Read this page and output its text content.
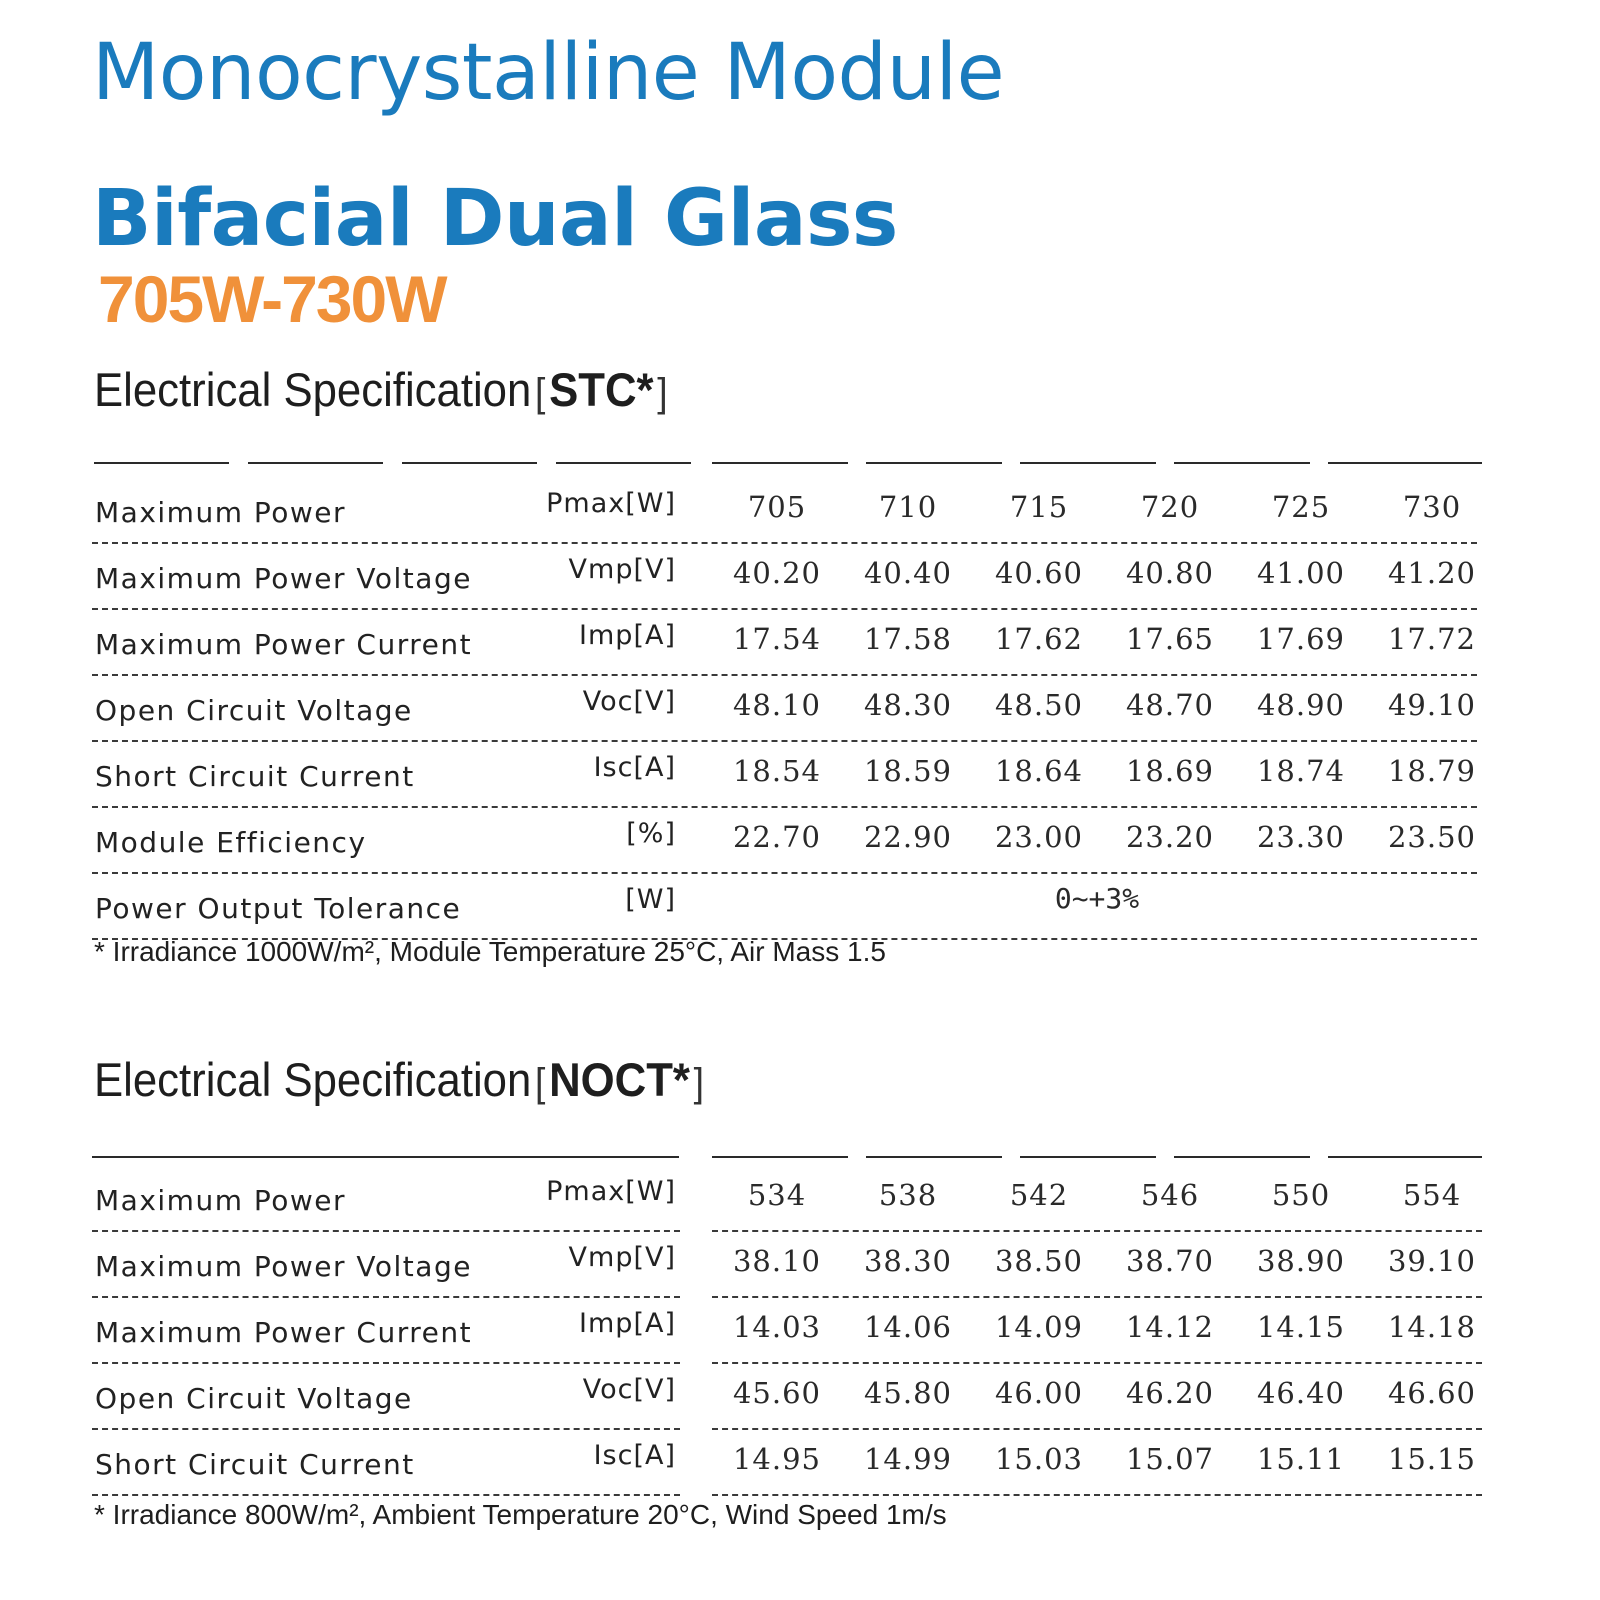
Monocrystalline Module
Bifacial Dual Glass
705W-730W
Electrical Specification[STC*]
Maximum Power	Pmax[W]	705	710	715	720	725	730
Maximum Power Voltage	Vmp[V]	40.20	40.40	40.60	40.80	41.00	41.20
Maximum Power Current	Imp[A]	17.54	17.58	17.62	17.65	17.69	17.72
Open Circuit Voltage	Voc[V]	48.10	48.30	48.50	48.70	48.90	49.10
Short Circuit Current	Isc[A]	18.54	18.59	18.64	18.69	18.74	18.79
Module Efficiency	[%]	22.70	22.90	23.00	23.20	23.30	23.50
Power Output Tolerance	[W]	0~+3%

* Irradiance 1000W/m², Module Temperature 25°C, Air Mass 1.5

Electrical Specification[NOCT*]
Maximum Power	Pmax[W]	534	538	542	546	550	554
Maximum Power Voltage	Vmp[V]	38.10	38.30	38.50	38.70	38.90	39.10
Maximum Power Current	Imp[A]	14.03	14.06	14.09	14.12	14.15	14.18
Open Circuit Voltage	Voc[V]	45.60	45.80	46.00	46.20	46.40	46.60
Short Circuit Current	Isc[A]	14.95	14.99	15.03	15.07	15.11	15.15

* Irradiance 800W/m², Ambient Temperature 20°C, Wind Speed 1m/s
